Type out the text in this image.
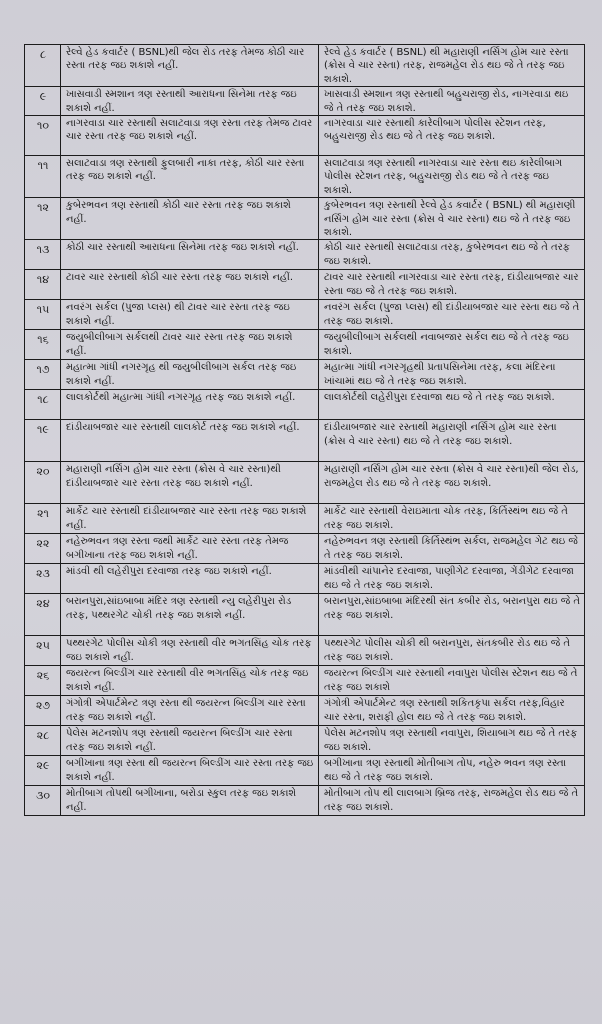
૮	રેલ્વે હેડ કવાર્ટર ( BSNL)થી જેલ રોડ તરફ તેમજ કોઠી ચાર રસ્તા તરફ જઇ શકાશે નહીં.	રેલ્વે હેડ કવાર્ટર ( BSNL) થી મહારાણી નર્સિંગ હોમ ચાર રસ્તા (ક્રોસ વે ચાર રસ્તા) તરફ, રાજમહેલ રોડ થઇ જે તે તરફ જઇ શકાશે.
૯	ખાસવાડી સ્મશાન ત્રણ રસ્તાથી આરાધના સિનેમા તરફ જઇ શકાશે નહીં.	ખાસવાડી સ્મશાન ત્રણ રસ્તાથી બહુચરાજી રોડ, નાગરવાડા થઇ જે તે તરફ જઇ શકાશે.
૧૦	નાગરવાડા ચાર રસ્તાથી સલાટવાડા ત્રણ રસ્તા તરફ તેમજ ટાવર ચાર રસ્તા તરફ જઇ શકાશે નહીં.	નાગરવાડા ચાર રસ્તાથી કારેલીબાગ પોલીસ સ્ટેશન તરફ, બહુચરાજી રોડ થઇ જે તે તરફ જઇ શકાશે.
૧૧	સલાટવાડા ત્રણ રસ્તાથી ફુલબારી નાકા તરફ, કોઠી ચાર રસ્તા તરફ જઇ શકાશે નહીં.	સલાટવાડા ત્રણ રસ્તાથી નાગરવાડા ચાર રસ્તા થઇ કારેલીબાગ પોલીસ સ્ટેશન તરફ, બહુચરાજી રોડ થઇ જે તે તરફ જઇ શકાશે.
૧૨	કુબેરભવન ત્રણ રસ્તાથી કોઠી ચાર રસ્તા તરફ જઇ શકાશે નહીં.	કુબેરભવન ત્રણ રસ્તાથી રેલ્વે હેડ કવાર્ટર ( BSNL) થી મહારાણી નર્સિંગ હોમ ચાર રસ્તા (ક્રોસ વે ચાર રસ્તા) થઇ જે તે તરફ જઇ શકાશે.
૧૩	કોઠી ચાર રસ્તાથી આરાધના સિનેમા તરફ જઇ શકાશે નહીં.	કોઠી ચાર રસ્તાથી સલાટવાડા તરફ, કુબેરભવન થઇ જે તે તરફ જઇ શકાશે.
૧૪	ટાવર ચાર રસ્તાથી કોઠી ચાર રસ્તા તરફ જઇ શકાશે નહીં.	ટાવર ચાર રસ્તાથી નાગરવાડા ચાર રસ્તા તરફ, દાંડીયાબજાર ચાર રસ્તા જઇ જે તે તરફ જઇ શકાશે.
૧૫	નવરંગ સર્કલ (પુજા પ્લસ) થી ટાવર ચાર રસ્તા તરફ જઇ શકાશે નહીં.	નવરંગ સર્કલ (પુજા પ્લસ) થી દાંડીયાબજાર ચાર રસ્તા થઇ જે તે તરફ જઇ શકાશે.
૧૬	જયુબીલીબાગ સર્કલથી ટાવર ચાર રસ્તા તરફ જઇ શકાશે નહીં.	જયુબીલીબાગ સર્કલથી નવાબજાર સર્કલ થઇ જે તે તરફ જઇ શકાશે.
૧૭	મહાત્મા ગાંધી નગરગૃહ થી જયુબીલીબાગ સર્કલ તરફ જઇ શકાશે નહીં.	મહાત્મા ગાંધી નગરગૃહથી પ્રતાપસિનેમા તરફ, કલા મંદિરના ખાંચામાં થઇ જે તે તરફ જઇ શકાશે.
૧૮	લાલકોર્ટથી મહાત્મા ગાંધી નગરગૃહ તરફ જઇ શકાશે નહીં.	લાલકોર્ટથી લહેરીપુરા દરવાજા થઇ જે તે તરફ જઇ શકાશે.
૧૯	દાંડીયાબજાર ચાર રસ્તાથી લાલકોર્ટ તરફ જઇ શકાશે નહીં.	દાંડીયાબજાર ચાર રસ્તાથી મહારાણી નર્સિંગ હોમ ચાર રસ્તા (ક્રોસ વે ચાર રસ્તા) થઇ જે તે તરફ જઇ શકાશે.
૨૦	મહારાણી નર્સિંગ હોમ ચાર રસ્તા (ક્રોસ વે ચાર રસ્તા)થી દાંડીયાબજાર ચાર રસ્તા તરફ જઇ શકાશે નહીં.	મહારાણી નર્સિંગ હોમ ચાર રસ્તા (ક્રોસ વે ચાર રસ્તા)થી જેલ રોડ, રાજમહેલ રોડ થઇ જે તે તરફ જઇ શકાશે.
૨૧	માર્કેટ ચાર રસ્તાથી દાંડીયાબજાર ચાર રસ્તા તરફ જઇ શકાશે નહીં.	માર્કેટ ચાર રસ્તાથી વેરાઇમાતા ચોક તરફ, કિર્તિસ્થંભ થઇ જે તે તરફ જઇ શકાશે.
૨૨	નહેરુભવન ત્રણ રસ્તા જથી માર્કેટ ચાર રસ્તા તરફ તેમજ બગીખાના તરફ જઇ શકાશે નહીં.	નહેરુભવન ત્રણ રસ્તાથી કિર્તિસ્થંભ સર્કલ, રાજમહેલ ગેટ થઇ જે તે તરફ જઇ શકાશે.
૨૩	માંડવી થી લહેરીપુરા દરવાજા તરફ જઇ શકાશે નહીં.	માંડવીથી ચાંપાનેર દરવાજા, પાણીગેટ દરવાજા, ગેંડીગેટ દરવાજા થઇ જે તે તરફ જઇ શકાશે.
૨૪	બરાનપુરા,સાંઇબાબા મંદિર ત્રણ રસ્તાથી ન્યુ લહેરીપુરા રોડ તરફ, પથ્થરગેટ ચોકી તરફ જઇ શકાશે નહીં.	બરાનપુરા,સાંઇબાબા મંદિરથી સંત કબીર રોડ, બરાનપુરા થઇ જે તે તરફ જઇ શકાશે.
૨૫	પથ્થરગેટ પોલીસ ચોકી ત્રણ રસ્તાથી વીર ભગતસિંહ ચોક તરફ જઇ શકાશે નહીં.	પથ્થરગેટ પોલીસ ચોકી થી બરાનપુરા, સંતકબીર રોડ થઇ જે તે તરફ જઇ શકાશે.
૨૬	જયરત્ન બિલ્ડીંગ ચાર રસ્તાથી વીર ભગતસિંહ ચોક તરફ જઇ શકાશે નહીં.	જયરત્ન બિલ્ડીંગ ચાર રસ્તાથી નવાપુરા પોલીસ સ્ટેશન થઇ જે તે તરફ જઇ શકાશે
૨૭	ગંગોત્રી એપાર્ટમેન્ટ ત્રણ રસ્તા થી જયરત્ન બિલ્ડીંગ ચાર રસ્તા તરફ જઇ શકાશે નહીં.	ગંગોત્રી એપાર્ટમેન્ટ ત્રણ રસ્તાથી શકિતકૃપા સર્કલ તરફ,વિહાર ચાર રસ્તા, શરાફી હોલ થઇ જે તે તરફ જઇ શકાશે.
૨૮	પેલેસ મટનશોપ ત્રણ રસ્તાથી જયરત્ન બિલ્ડીંગ ચાર રસ્તા તરફ જઇ શકાશે નહીં.	પેલેસ મટનશોપ ત્રણ રસ્તાથી નવાપુરા, શિયાબાગ થઇ જે તે તરફ જઇ શકાશે.
૨૯	બગીખાના ત્રણ રસ્તા થી જયરત્ન બિલ્ડીંગ ચાર રસ્તા તરફ જઇ શકાશે નહીં.	બગીખાના ત્રણ રસ્તાથી મોતીબાગ તોપ, નહેરુ ભવન ત્રણ રસ્તા થઇ જે તે તરફ જઇ શકાશે.
૩૦	મોતીબાગ તોપથી બગીખાના, બરોડા સ્કુલ તરફ જઇ શકાશે નહીં.	મોતીબાગ તોપ થી લાલબાગ બ્રિજ તરફ, રાજમહેલ રોડ થઇ જે તે તરફ જઇ શકાશે.
